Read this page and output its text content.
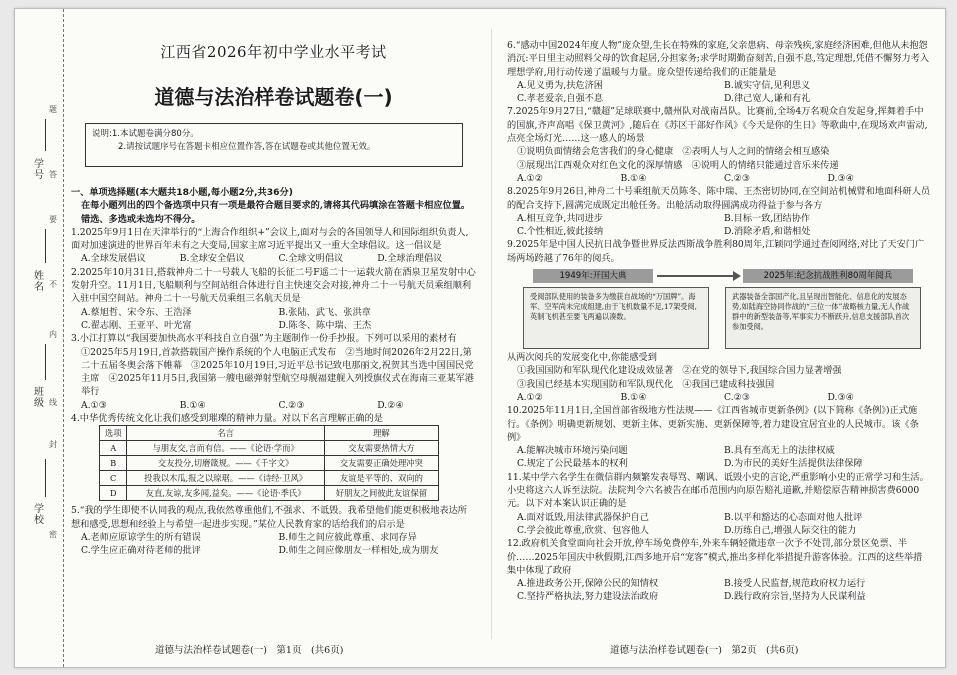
学号
姓名
班级
学校
题
答
要
不
内
线
封
密
江西省2026年初中学业水平考试
道德与法治样卷试题卷(一)
说明:1.本试题卷满分80分。
2.请按试题序号在答题卡相应位置作答,答在试题卷或其他位置无效。

一、单项选择题(本大题共18小题,每小题2分,共36分)

在每小题列出的四个备选项中只有一项是最符合题目要求的,请将其代码填涂在答题卡相应位置。错选、多选或未选均不得分。

1.2025年9月1日在天津举行的“上海合作组织+”会议上,面对与会的各国领导人和国际组织负责人,面对加速演进的世界百年未有之大变局,国家主席习近平提出又一重大全球倡议。这一倡议是

A.全球发展倡议	B.全球安全倡议	C.全球文明倡议	D.全球治理倡议

2.2025年10月31日,搭载神舟二十一号载人飞船的长征二号F遥二十一运载火箭在酒泉卫星发射中心发射升空。11月1日,飞船顺利与空间站组合体进行自主快速交会对接,神舟二十一号航天员乘组顺利入驻中国空间站。神舟二十一号航天员乘组三名航天员是

A.蔡旭哲、宋令东、王浩泽	B.张陆、武飞、张洪章
C.翟志刚、王亚平、叶光富	D.陈冬、陈中瑞、王杰

3.小江打算以“我国要加快高水平科技自立自强”为主题制作一份手抄报。下列可以采用的素材有

①2025年5月19日,首款搭载国产操作系统的个人电脑正式发布　②当地时间2026年2月22日,第二十五届冬奥会落下帷幕　③2025年10月19日,习近平总书记致电那丽文,祝贺其当选中国国民党主席　④2025年11月5日,我国第一艘电磁弹射型航空母舰福建舰入列授旗仪式在海南三亚某军港举行

A.①③	B.①④	C.②③	D.②④

4.中华优秀传统文化让我们感受到璀璨的精神力量。对以下名言理解正确的是

选项	名言	理解
A	与朋友交,言而有信。——《论语·学而》	交友需要热情大方
B	交友投分,切磨箴规。——《千字文》	交友需要正确处理冲突
C	投我以木瓜,报之以琼琚。——《诗经·卫风》	友谊是平等的、双向的
D	友直,友谅,友多闻,益矣。——《论语·季氏》	好朋友之间彼此友谊保留

5.“我的学生即使不认同我的观点,我依然尊重他们,不强求、不诋毁。我希望他们能更积极地表达所想和感受,思想和经验上与希望一起进步实现。”某位人民教育家的话给我们的启示是

A.老师应原谅学生的所有错误	B.师生之间应彼此尊重、求同存异
C.学生应正确对待老师的批评	D.师生之间应像朋友一样相处,成为朋友

6.“感动中国2024年度人物”庞众望,生长在特殊的家庭,父亲患病、母亲残疾,家庭经济困难,但他从未抱怨消沉:平日里主动照料父母的饮食起居,分担家务;求学时期勤奋刻苦,自强不息,笃定理想,凭借不懈努力考入理想学府,用行动传递了温暖与力量。庞众望传递给我们的正能量是

A.见义勇为,扶危济困	B.诚实守信,见利思义
C.孝老爱亲,自强不息	D.律己宽人,谦和有礼

7.2025年9月27日,“赣超”足球联赛中,赣州队对战南昌队。比赛前,全场4万名观众自发起身,挥舞着手中的国旗,齐声高唱《保卫黄河》,随后在《苏区干部好作风》《今天是你的生日》等歌曲中,在现场欢声雷动,点亮全场灯光……这一感人的场景

①说明负面情绪会危害我们的身心健康　②表明人与人之间的情绪会相互感染
③展现出江西观众对红色文化的深厚情感　④说明人的情绪只能通过音乐来传递

A.①②	B.①④	C.②③	D.③④

8.2025年9月26日,神舟二十号乘组航天员陈冬、陈中瑞、王杰密切协同,在空间站机械臂和地面科研人员的配合支持下,圆满完成既定出舱任务。出舱活动取得圆满成功得益于参与各方

A.相互竞争,共同进步	B.目标一致,团结协作
C.个性相近,彼此接纳	D.消除矛盾,和谐相处

9.2025年是中国人民抗日战争暨世界反法西斯战争胜利80周年,江颖同学通过查阅网络,对比了天安门广场两场跨越了76年的阅兵。

1949年:开国大典	2025年:纪念抗战胜利80周年阅兵
受阅部队使用的装备多为缴获自战场的“万国牌”。海军、空军尚未完成组建,由于飞机数量不足,17架受阅,英制飞机甚至要飞两遍以凑数。
武器装备全部国产化,且呈现出智能化、信息化的发展态势,如陆海空协同作战的“三位一体”战略核力量,无人作战群中的新型装备等,军事实力不断跃升,信息支援部队首次参加受阅。

从两次阅兵的发展变化中,你能感受到

①我国国防和军队现代化建设成效显著　②在党的领导下,我国综合国力显著增强
③我国已经基本实现国防和军队现代化　④我国已建成科技强国

A.①②	B.①④	C.②③	D.③④

10.2025年11月1日,全国首部省级地方性法规——《江西省城市更新条例》(以下简称《条例》)正式施行。《条例》明确更新规划、更新主体、更新实施、更新保障等,着力建设宜居宜业的人民城市。该《条例》

A.能解决城市环境污染问题	B.具有至高无上的法律权威
C.规定了公民最基本的权利	D.为市民的美好生活提供法律保障

11.某中学六名学生在微信群内频繁发表辱骂、嘲讽、诋毁小史的言论,严重影响小史的正常学习和生活。小史将这六人诉至法院。法院判令六名被告在邮币范围内向原告赔礼道歉,并赔偿原告精神损害费6000元。以下对本案认识正确的是

A.面对诋毁,用法律武器保护自己	B.以平和豁达的心态面对他人批评
C.学会彼此尊重,欣赏、包容他人	D.历练自己,增强人际交往的能力

12.政府机关食堂面向社会开放,停车场免费停车,外来车辆轻微违章一次予不处罚,部分景区免票、半价……2025年国庆中秋假期,江西多地开启“宠客”模式,推出多样化举措提升游客体验。江西的这些举措集中体现了政府

A.推进政务公开,保障公民的知情权	B.接受人民监督,规范政府权力运行
C.坚持严格执法,努力建设法治政府	D.践行政府宗旨,坚持为人民谋利益
道德与法治样卷试题卷(一)　第1页　(共6页)	道德与法治样卷试题卷(一)　第2页　(共6页)
